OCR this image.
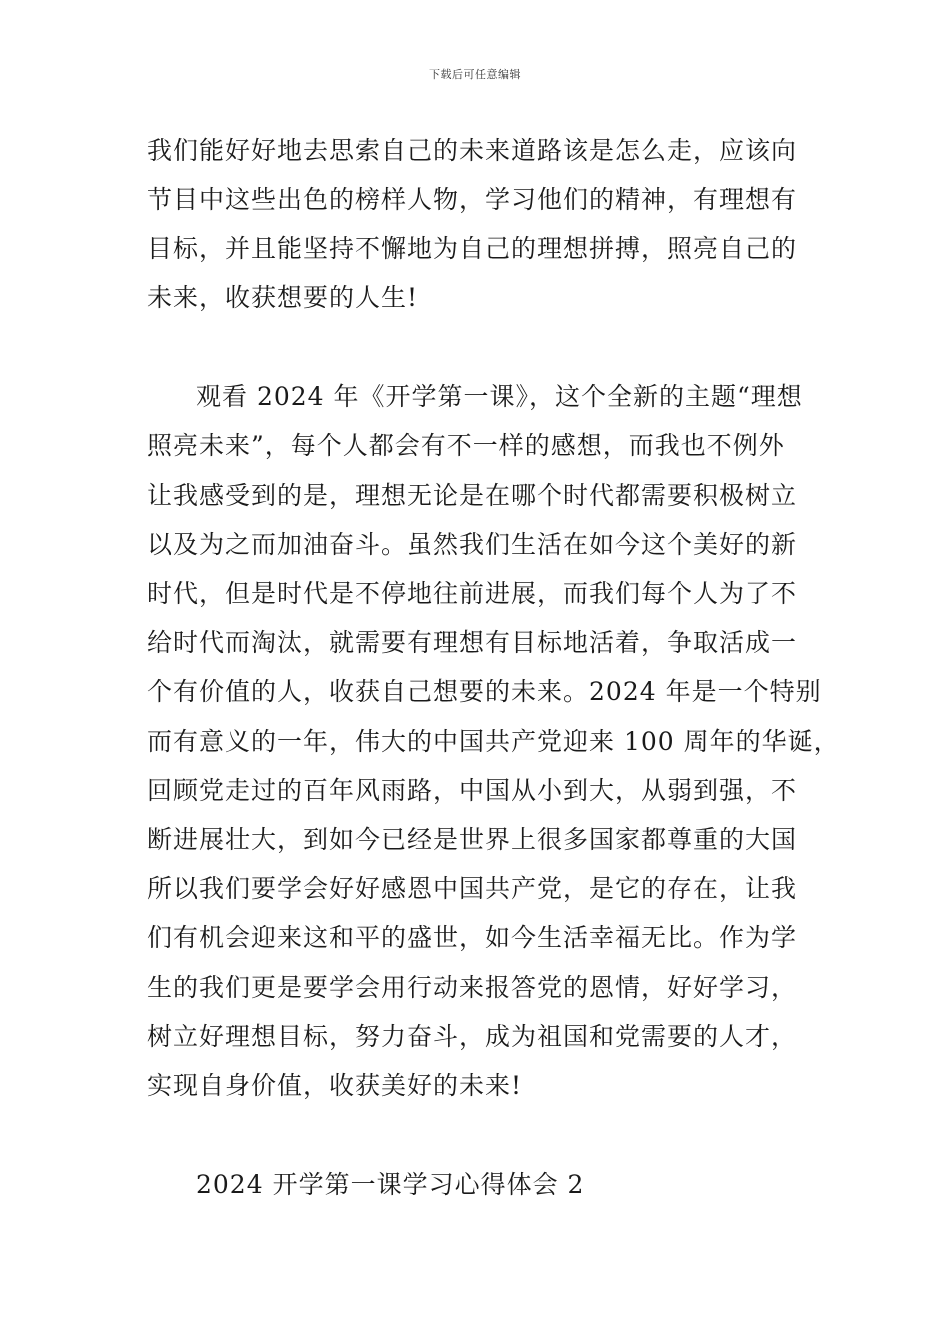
下载后可任意编辑
我们能好好地去思索自己的未来道路该是怎么走，应该向
节目中这些出色的榜样人物，学习他们的精神，有理想有
目标，并且能坚持不懈地为自己的理想拼搏，照亮自己的
未来，收获想要的人生!
观看 2024 年《开学第一课》，这个全新的主题“理想
照亮未来”，每个人都会有不一样的感想，而我也不例外
让我感受到的是，理想无论是在哪个时代都需要积极树立
以及为之而加油奋斗。虽然我们生活在如今这个美好的新
时代，但是时代是不停地往前进展，而我们每个人为了不
给时代而淘汰，就需要有理想有目标地活着，争取活成一
个有价值的人，收获自己想要的未来。2024 年是一个特别
而有意义的一年，伟大的中国共产党迎来 100 周年的华诞，
回顾党走过的百年风雨路，中国从小到大，从弱到强，不
断进展壮大，到如今已经是世界上很多国家都尊重的大国
所以我们要学会好好感恩中国共产党，是它的存在，让我
们有机会迎来这和平的盛世，如今生活幸福无比。作为学
生的我们更是要学会用行动来报答党的恩情，好好学习，
树立好理想目标，努力奋斗，成为祖国和党需要的人才，
实现自身价值，收获美好的未来!
2024 开学第一课学习心得体会 2
